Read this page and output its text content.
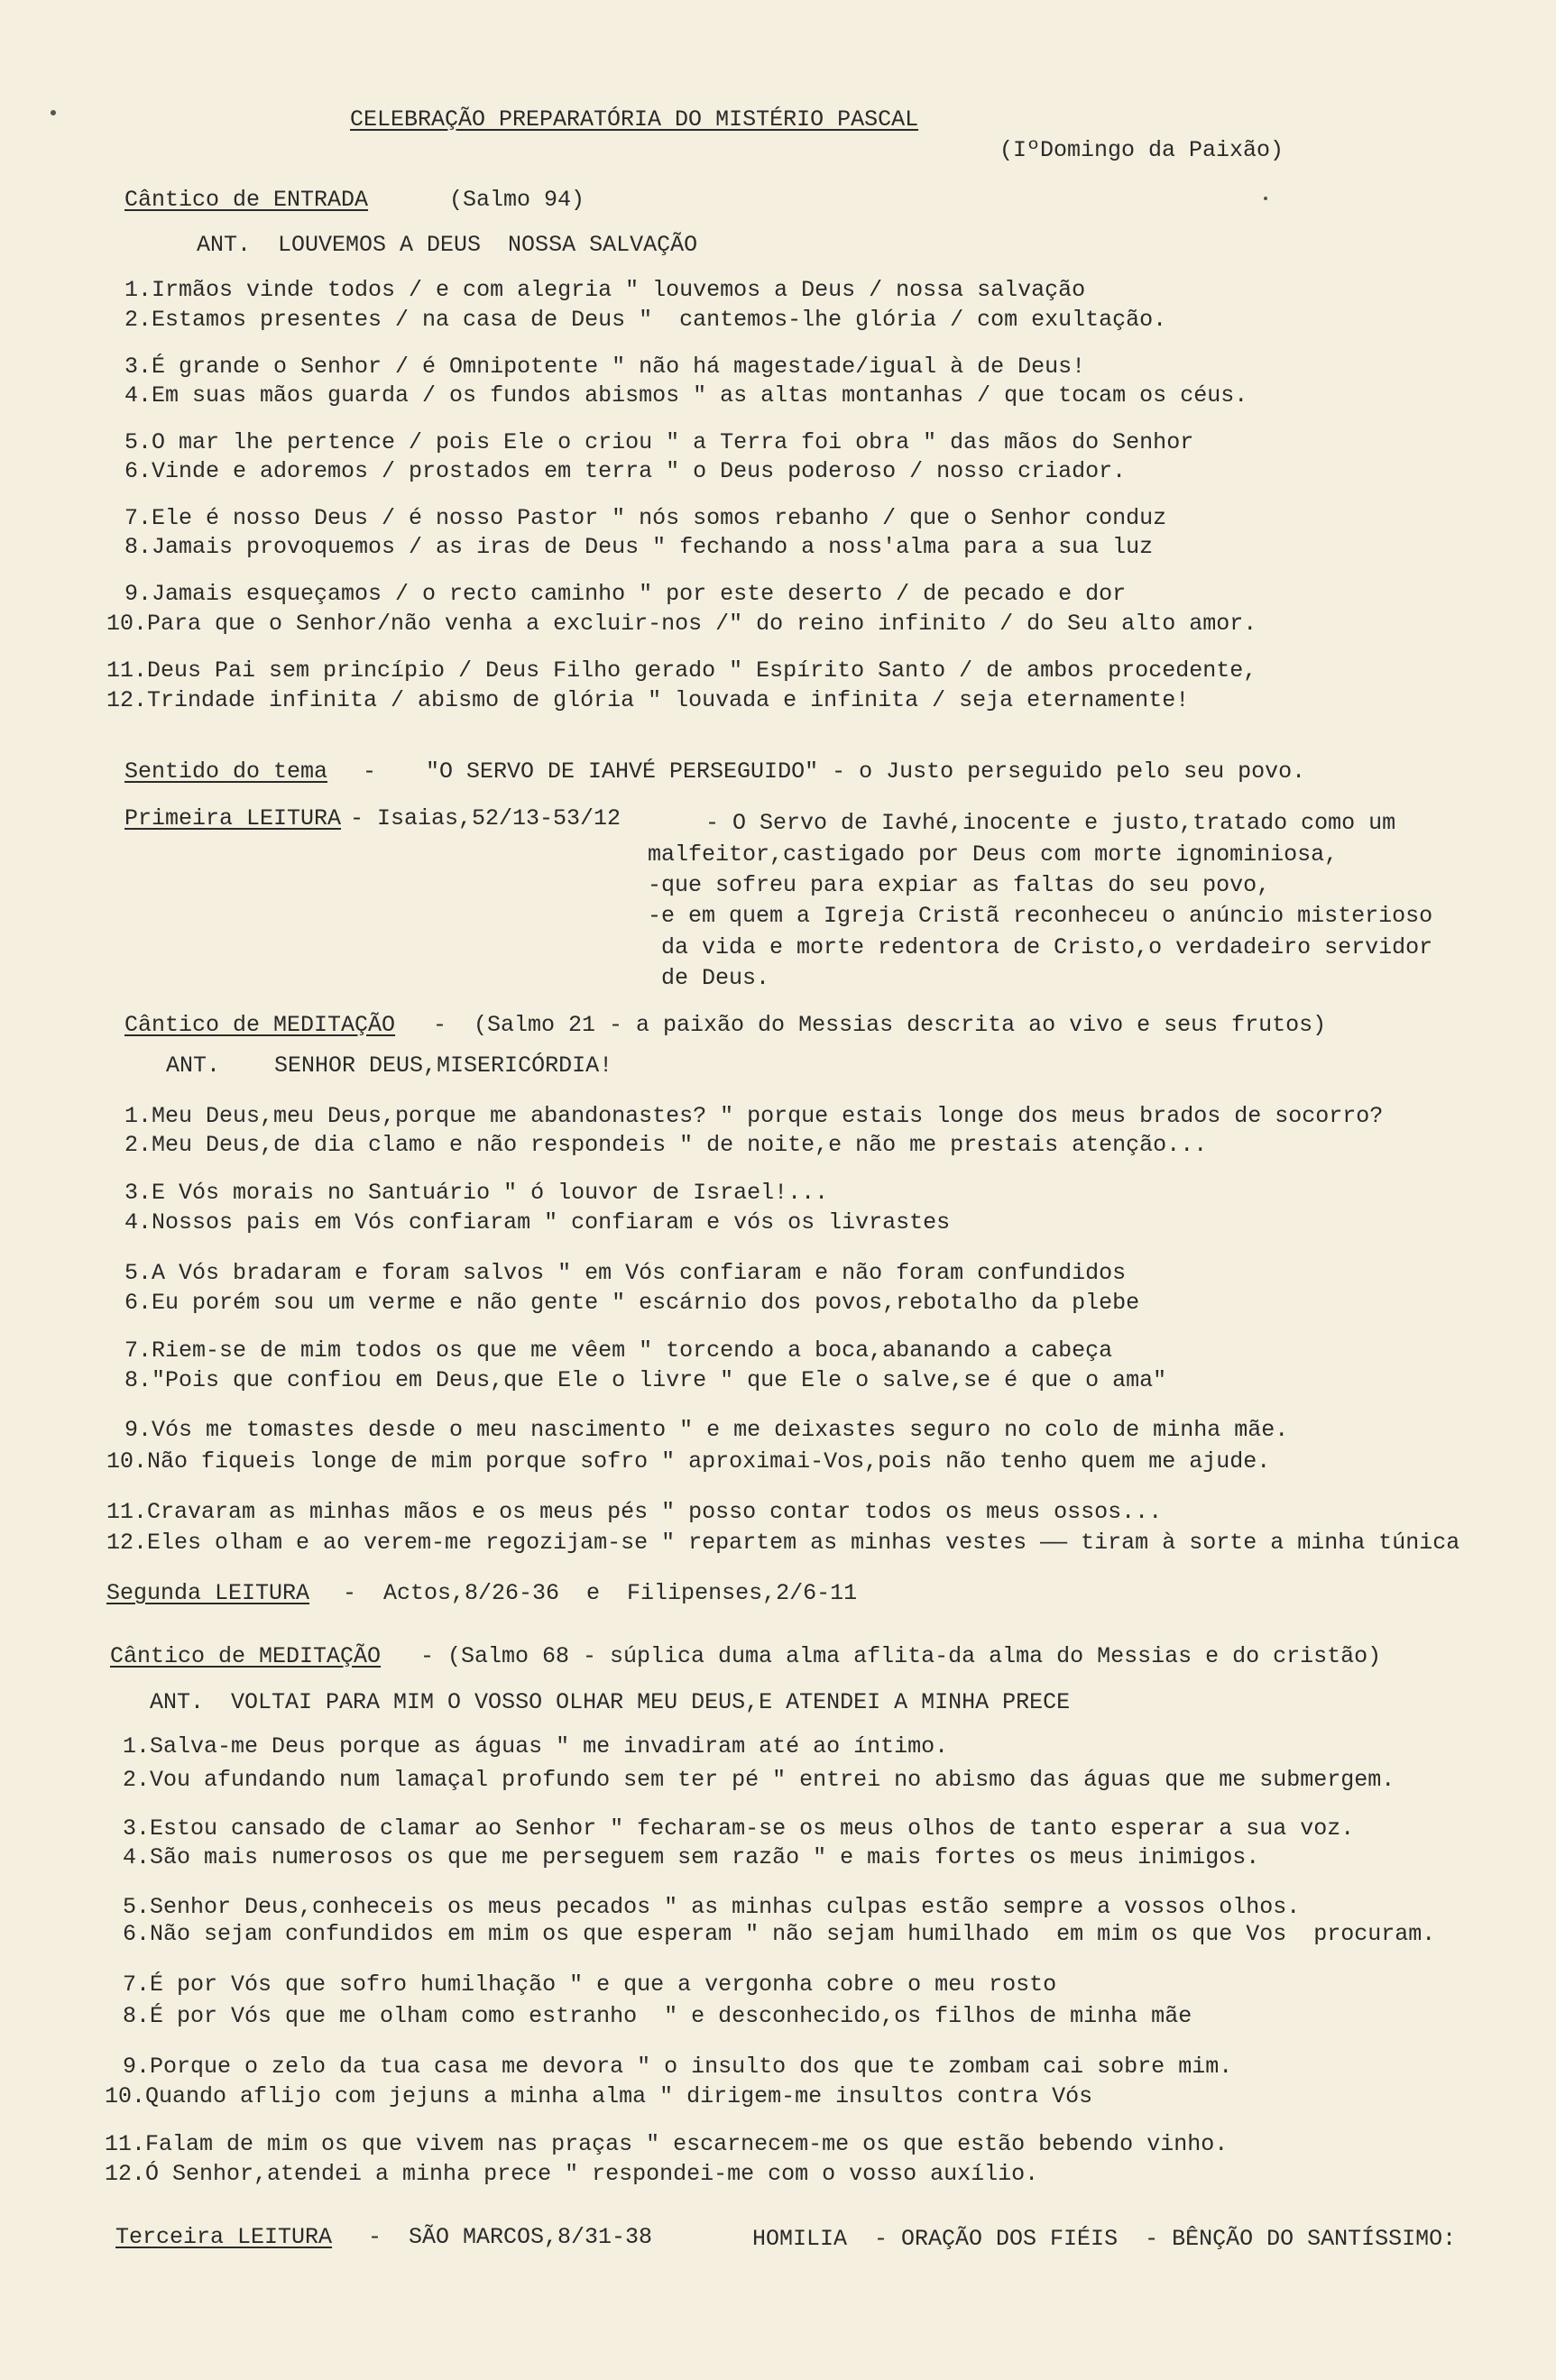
CELEBRAÇÃO PREPARATÓRIA DO MISTÉRIO PASCAL
(IºDomingo da Paixão)
Cântico de ENTRADA	(Salmo 94)
ANT.  LOUVEMOS A DEUS  NOSSA SALVAÇÃO
1.Irmãos vinde todos / e com alegria " louvemos a Deus / nossa salvação
2.Estamos presentes / na casa de Deus "  cantemos-lhe glória / com exultação.
3.É grande o Senhor / é Omnipotente " não há magestade/igual à de Deus!
4.Em suas mãos guarda / os fundos abismos " as altas montanhas / que tocam os céus.
5.O mar lhe pertence / pois Ele o criou " a Terra foi obra " das mãos do Senhor
6.Vinde e adoremos / prostados em terra " o Deus poderoso / nosso criador.
7.Ele é nosso Deus / é nosso Pastor " nós somos rebanho / que o Senhor conduz
8.Jamais provoquemos / as iras de Deus " fechando a noss'alma para a sua luz
9.Jamais esqueçamos / o recto caminho " por este deserto / de pecado e dor
10.Para que o Senhor/não venha a excluir-nos /" do reino infinito / do Seu alto amor.
11.Deus Pai sem princípio / Deus Filho gerado " Espírito Santo / de ambos procedente,
12.Trindade infinita / abismo de glória " louvada e infinita / seja eternamente!
Sentido do tema - "O SERVO DE IAHVÉ PERSEGUIDO" - o Justo perseguido pelo seu povo.
Primeira LEITURA - Isaias,52/13-53/12	- O Servo de Iavhé,inocente e justo,tratado como um
malfeitor,castigado por Deus com morte ignominiosa,
-que sofreu para expiar as faltas do seu povo,
-e em quem a Igreja Cristã reconheceu o anúncio misterioso
da vida e morte redentora de Cristo,o verdadeiro servidor
de Deus.
Cântico de MEDITAÇÃO -  (Salmo 21 - a paixão do Messias descrita ao vivo e seus frutos)
ANT.    SENHOR DEUS,MISERICÓRDIA!
1.Meu Deus,meu Deus,porque me abandonastes? " porque estais longe dos meus brados de socorro?
2.Meu Deus,de dia clamo e não respondeis " de noite,e não me prestais atenção...
3.E Vós morais no Santuário " ó louvor de Israel!...
4.Nossos pais em Vós confiaram " confiaram e vós os livrastes
5.A Vós bradaram e foram salvos " em Vós confiaram e não foram confundidos
6.Eu porém sou um verme e não gente " escárnio dos povos,rebotalho da plebe
7.Riem-se de mim todos os que me vêem " torcendo a boca,abanando a cabeça
8."Pois que confiou em Deus,que Ele o livre " que Ele o salve,se é que o ama"
9.Vós me tomastes desde o meu nascimento " e me deixastes seguro no colo de minha mãe.
10.Não fiqueis longe de mim porque sofro " aproximai-Vos,pois não tenho quem me ajude.
11.Cravaram as minhas mãos e os meus pés " posso contar todos os meus ossos...
12.Eles olham e ao verem-me regozijam-se " repartem as minhas vestes —— tiram à sorte a minha túnica
Segunda LEITURA -  Actos,8/26-36  e  Filipenses,2/6-11
Cântico de MEDITAÇÃO - (Salmo 68 - súplica duma alma aflita-da alma do Messias e do cristão)
ANT.  VOLTAI PARA MIM O VOSSO OLHAR MEU DEUS,E ATENDEI A MINHA PRECE
1.Salva-me Deus porque as águas " me invadiram até ao íntimo.
2.Vou afundando num lamaçal profundo sem ter pé " entrei no abismo das águas que me submergem.
3.Estou cansado de clamar ao Senhor " fecharam-se os meus olhos de tanto esperar a sua voz.
4.São mais numerosos os que me perseguem sem razão " e mais fortes os meus inimigos.
5.Senhor Deus,conheceis os meus pecados " as minhas culpas estão sempre a vossos olhos.
6.Não sejam confundidos em mim os que esperam " não sejam humilhado  em mim os que Vos  procuram.
7.É por Vós que sofro humilhação " e que a vergonha cobre o meu rosto
8.É por Vós que me olham como estranho  " e desconhecido,os filhos de minha mãe
9.Porque o zelo da tua casa me devora " o insulto dos que te zombam cai sobre mim.
10.Quando aflijo com jejuns a minha alma " dirigem-me insultos contra Vós
11.Falam de mim os que vivem nas praças " escarnecem-me os que estão bebendo vinho.
12.Ó Senhor,atendei a minha prece " respondei-me com o vosso auxílio.
Terceira LEITURA -  SÃO MARCOS,8/31-38	HOMILIA  - ORAÇÃO DOS FIÉIS  - BÊNÇÃO DO SANTÍSSIMO:
